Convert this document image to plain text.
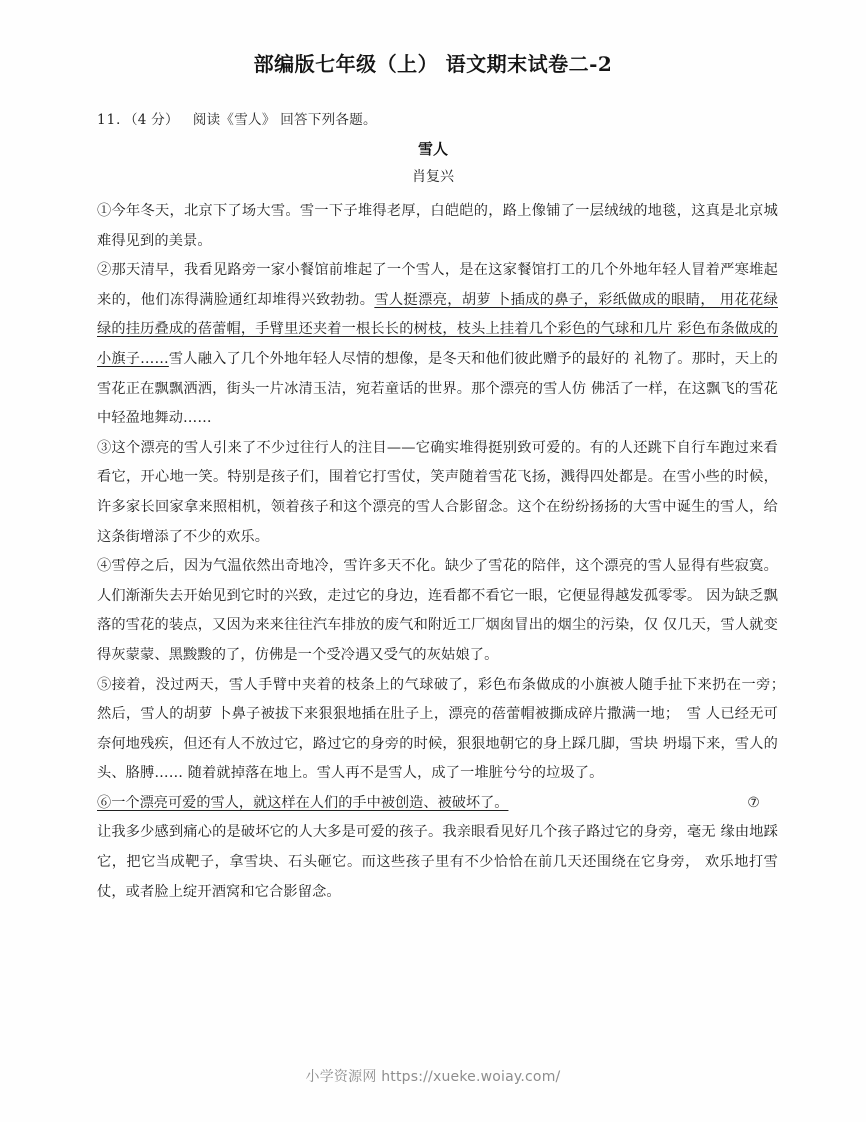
部编版七年级（上） 语文期末试卷二-2
11．（4 分） 阅读《雪人》 回答下列各题。
雪人
肖复兴

①今年冬天，北京下了场大雪。雪一下子堆得老厚，白皑皑的，路上像铺了一层绒绒的地毯，这真是北京城难得见到的美景。

②那天清早，我看见路旁一家小餐馆前堆起了一个雪人，是在这家餐馆打工的几个外地年轻人冒着严寒堆起来的，他们冻得满脸通红却堆得兴致勃勃。雪人挺漂亮，胡萝 卜插成的鼻子，彩纸做成的眼睛， 用花花绿绿的挂历叠成的蓓蕾帽，手臂里还夹着一根长长的树枝，枝头上挂着几个彩色的气球和几片 彩色布条做成的小旗子……雪人融入了几个外地年轻人尽情的想像，是冬天和他们彼此赠予的最好的 礼物了。那时，天上的雪花正在飘飘洒洒，街头一片冰清玉洁，宛若童话的世界。那个漂亮的雪人仿 佛活了一样，在这飘飞的雪花中轻盈地舞动……

③这个漂亮的雪人引来了不少过往行人的注目——它确实堆得挺别致可爱的。有的人还跳下自行车跑过来看看它，开心地一笑。特别是孩子们，围着它打雪仗，笑声随着雪花飞扬，溅得四处都是。在雪小些的时候，许多家长回家拿来照相机，领着孩子和这个漂亮的雪人合影留念。这个在纷纷扬扬的大雪中诞生的雪人，给这条街增添了不少的欢乐。

④雪停之后，因为气温依然出奇地冷，雪许多天不化。缺少了雪花的陪伴，这个漂亮的雪人显得有些寂寞。人们渐渐失去开始见到它时的兴致，走过它的身边，连看都不看它一眼，它便显得越发孤零零。 因为缺乏飘落的雪花的装点，又因为来来往往汽车排放的废气和附近工厂烟囱冒出的烟尘的污染，仅 仅几天，雪人就变得灰蒙蒙、黑黢黢的了，仿佛是一个受冷遇又受气的灰姑娘了。

⑤接着，没过两天，雪人手臂中夹着的枝条上的气球破了，彩色布条做成的小旗被人随手扯下来扔在一旁；　然后，雪人的胡萝 卜鼻子被拔下来狠狠地插在肚子上，漂亮的蓓蕾帽被撕成碎片撒满一地；　雪 人已经无可奈何地残疾，但还有人不放过它，路过它的身旁的时候，狠狠地朝它的身上踩几脚，雪块 坍塌下来，雪人的头、胳膊…… 随着就掉落在地上。雪人再不是雪人，成了一堆脏兮兮的垃圾了。

⑥一个漂亮可爱的雪人，就这样在人们的手中被创造、被破坏了。	⑦

让我多少感到痛心的是破坏它的人大多是可爱的孩子。我亲眼看见好几个孩子路过它的身旁，毫无 缘由地踩它，把它当成靶子，拿雪块、石头砸它。而这些孩子里有不少恰恰在前几天还围绕在它身旁， 欢乐地打雪仗，或者脸上绽开酒窝和它合影留念。

小学资源网 https://xueke.woiay.com/
